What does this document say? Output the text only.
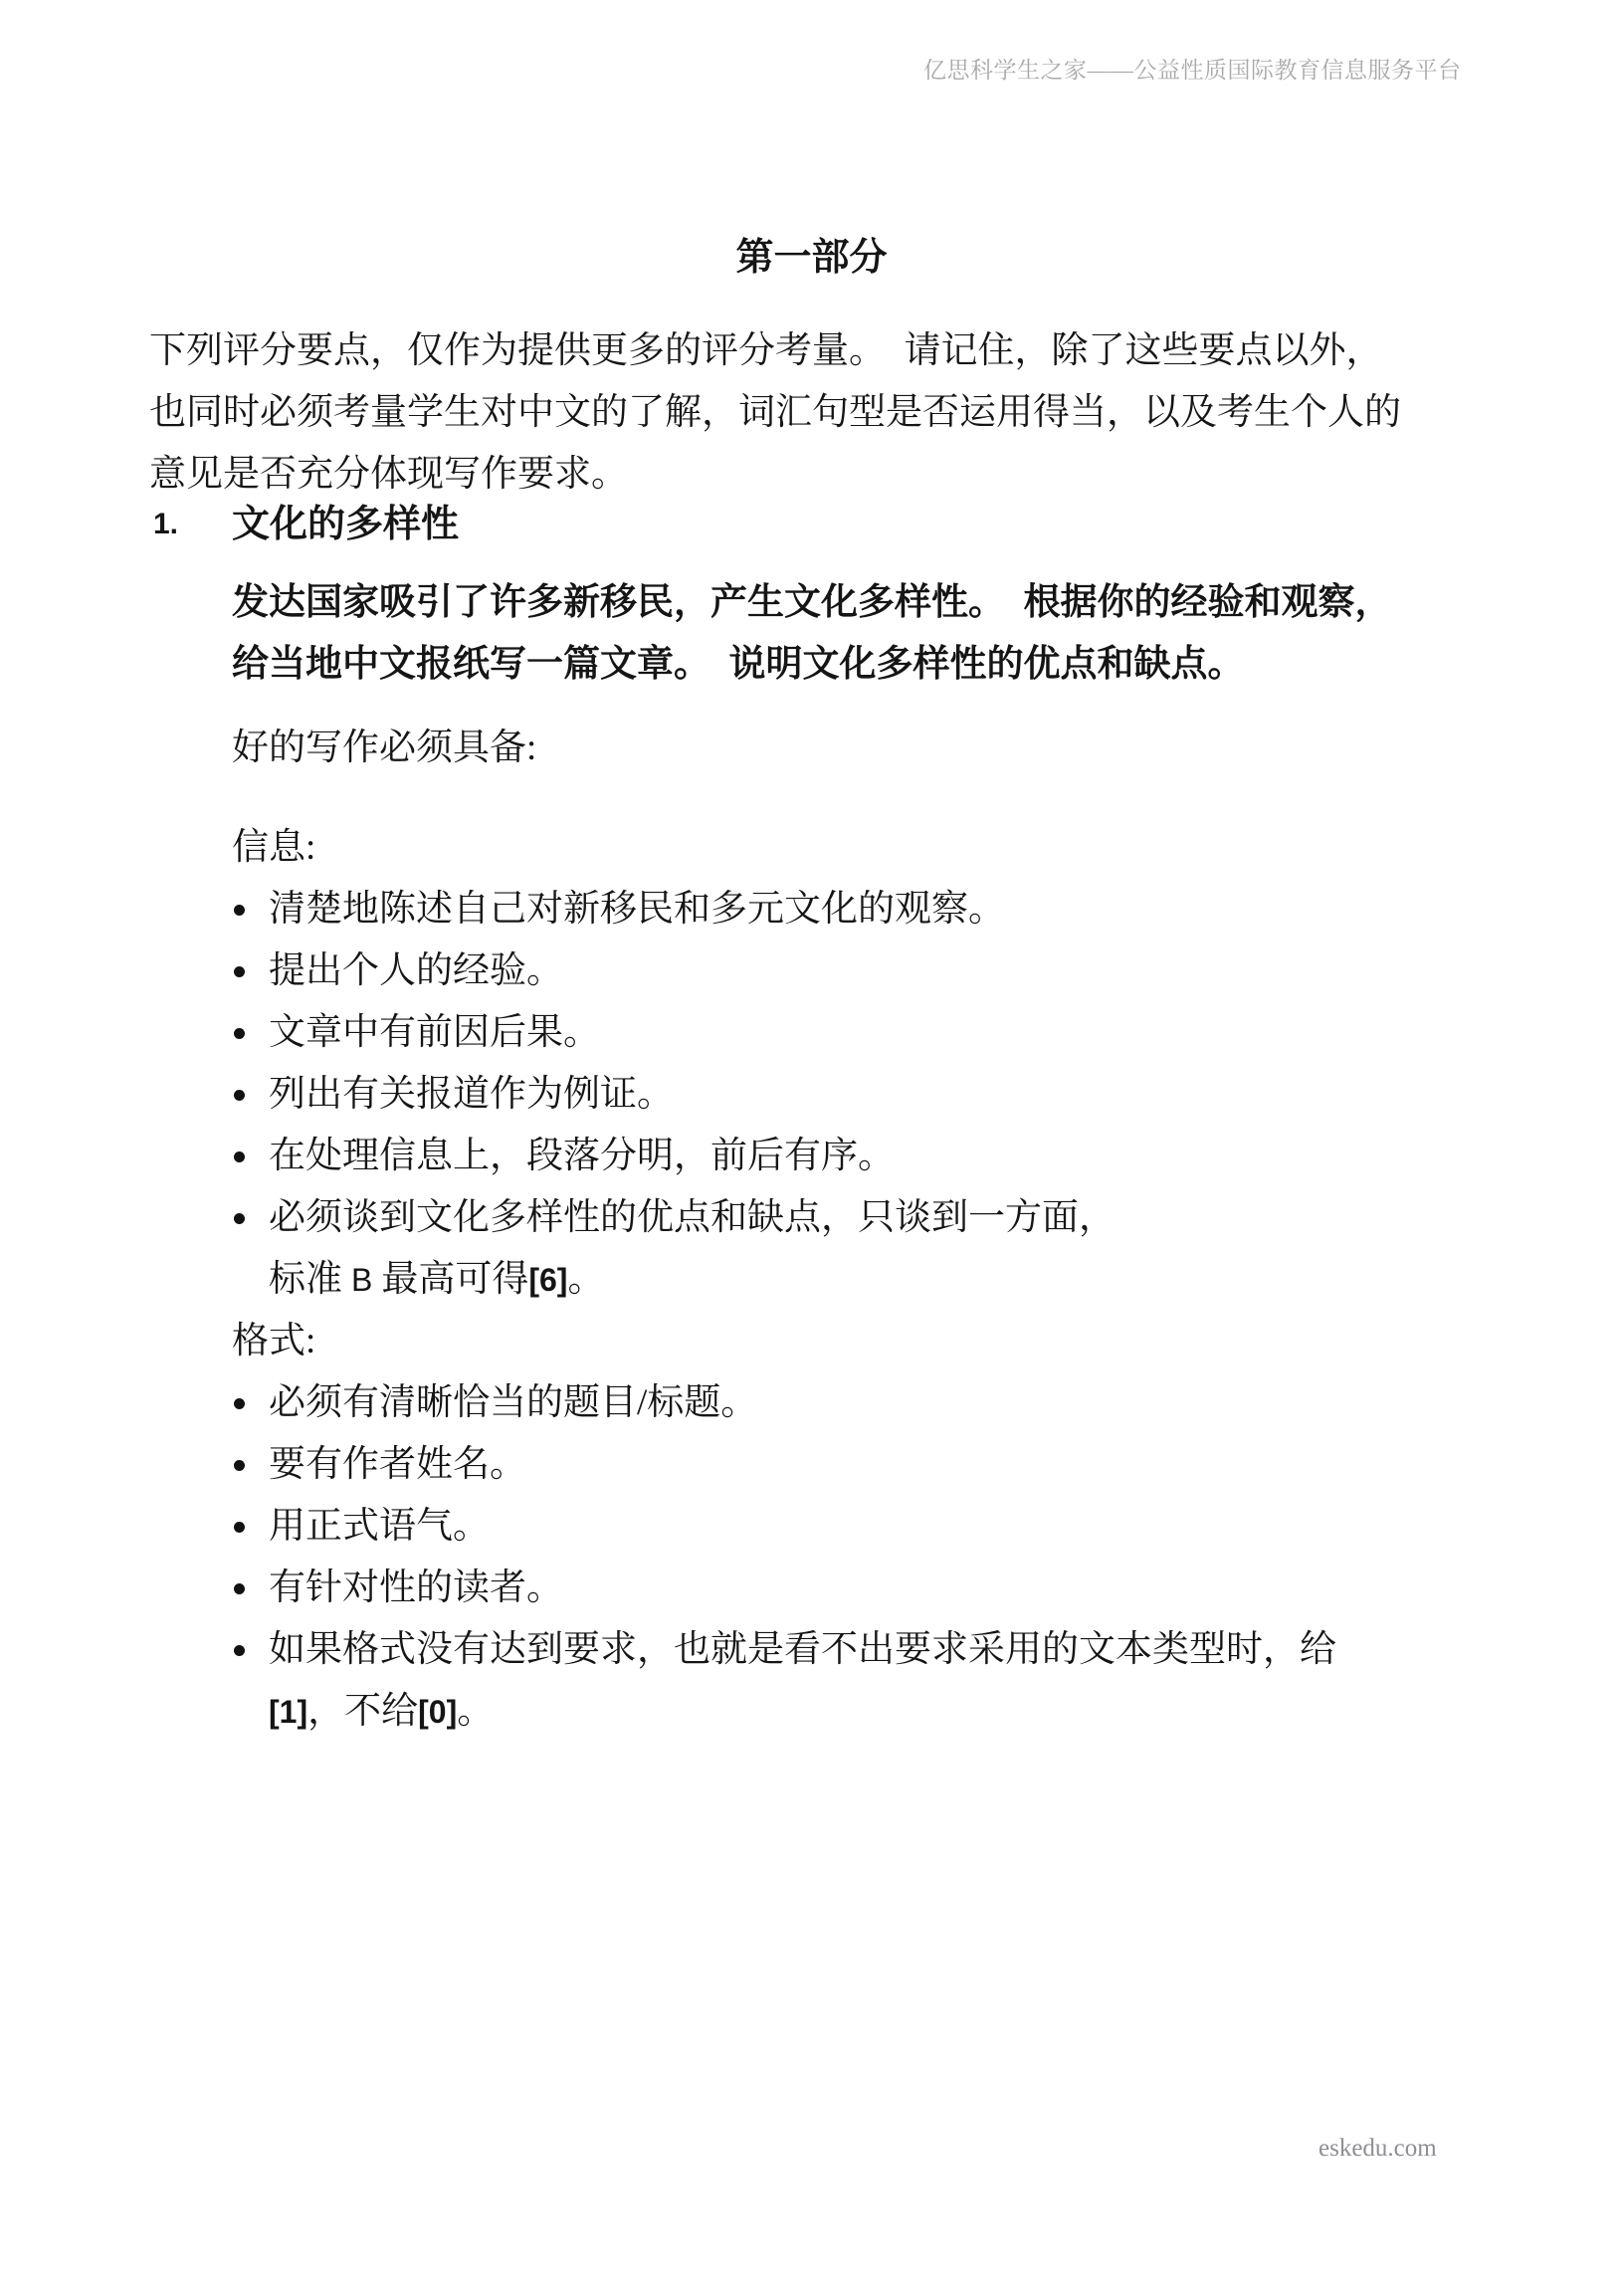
亿思科学生之家——公益性质国际教育信息服务平台
第一部分
下列评分要点，仅作为提供更多的评分考量。　请记住，除了这些要点以外，
也同时必须考量学生对中文的了解，词汇句型是否运用得当，以及考生个人的
意见是否充分体现写作要求。
1.	文化的多样性
发达国家吸引了许多新移民，产生文化多样性。　根据你的经验和观察，
给当地中文报纸写一篇文章。　说明文化多样性的优点和缺点。
好的写作必须具备:
信息:
清楚地陈述自己对新移民和多元文化的观察。
提出个人的经验。
文章中有前因后果。
列出有关报道作为例证。
在处理信息上，段落分明，前后有序。
必须谈到文化多样性的优点和缺点，只谈到一方面，
标准 B 最高可得[6]。
格式:
必须有清晰恰当的题目/标题。
要有作者姓名。
用正式语气。
有针对性的读者。
如果格式没有达到要求，也就是看不出要求采用的文本类型时，给
[1]，不给[0]。
eskedu.com
